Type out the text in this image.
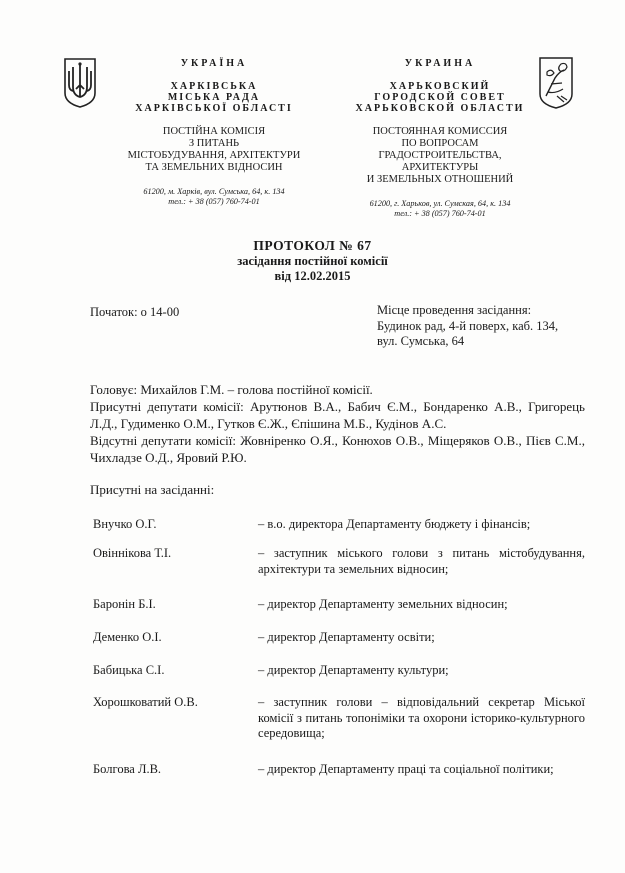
УКРАЇНА
ХАРКІВСЬКА
МІСЬКА РАДА
ХАРКІВСЬКОЇ ОБЛАСТІ
ПОСТІЙНА КОМІСІЯ
З ПИТАНЬ
МІСТОБУДУВАННЯ, АРХІТЕКТУРИ
ТА ЗЕМЕЛЬНИХ ВІДНОСИН
61200, м. Харків, вул. Сумська, 64, к. 134
тел.: + 38 (057) 760-74-01
УКРАИНА
ХАРЬКОВСКИЙ
ГОРОДСКОЙ СОВЕТ
ХАРЬКОВСКОЙ ОБЛАСТИ
ПОСТОЯННАЯ КОМИССИЯ
ПО ВОПРОСАМ
ГРАДОСТРОИТЕЛЬСТВА, АРХИТЕКТУРЫ
И ЗЕМЕЛЬНЫХ ОТНОШЕНИЙ
61200, г. Харьков, ул. Сумская, 64, к. 134
тел.: + 38 (057) 760-74-01
ПРОТОКОЛ № 67
засідання постійної комісії
від 12.02.2015
Початок: о 14-00	Місце проведення засідання:
Будинок рад, 4-й поверх, каб. 134,
вул. Сумська, 64
Головує: Михайлов Г.М. – голова постійної комісії.
Присутні депутати комісії: Арутюнов В.А., Бабич Є.М., Бондаренко А.В., Григорець Л.Д., Гудименко О.М., Гутков Є.Ж., Єпішина М.Б., Кудінов А.С.
Відсутні депутати комісії: Жовнiренко О.Я., Конюхов О.В., Міщеряков О.В., Пієв С.М., Чихладзе О.Д., Яровий Р.Ю.
Присутні на засіданні:
Внучко О.Г.	– в.о. директора Департаменту бюджету і фінансів;
Овіннікова Т.І.	– заступник міського голови з питань містобудування, архітектури та земельних відносин;
Баронін Б.І.	– директор Департаменту земельних відносин;
Деменко О.І.	– директор Департаменту освіти;
Бабицька С.І.	– директор Департаменту культури;
Хорошковатий О.В.	– заступник голови – відповідальний секретар Міської комісії з питань топоніміки та охорони історико-культурного середовища;
Болгова Л.В.	– директор Департаменту праці та соціальної політики;
